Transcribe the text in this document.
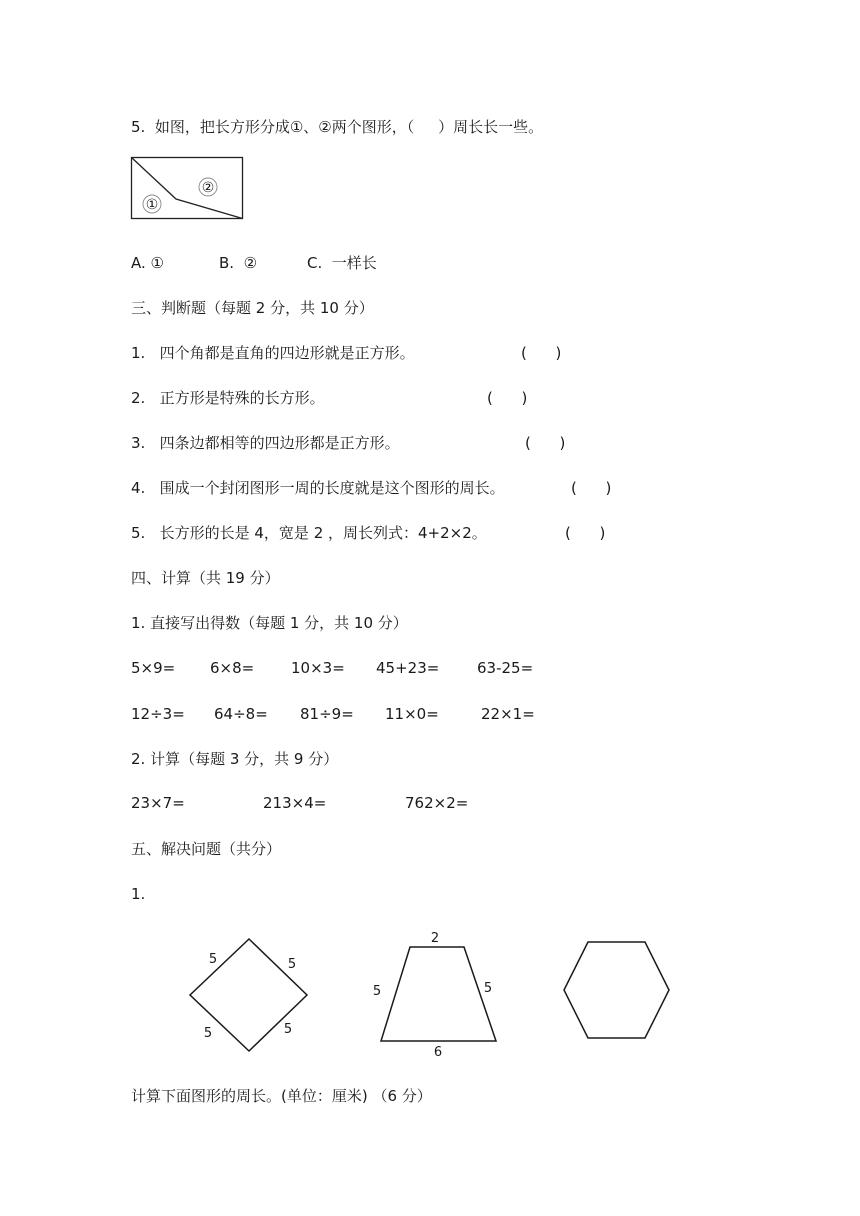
5.  如图，把长方形分成①、②两个图形，（     ）周长长一些。
①
②
A. ①	B.  ②	C.  一样长
三、判断题（每题 2 分，共 10 分）
1.   四个角都是直角的四边形就是正方形。	(      )
2.   正方形是特殊的长方形。	(      )
3.   四条边都相等的四边形都是正方形。	(      )
4.   围成一个封闭图形一周的长度就是这个图形的周长。	(      )
5.   长方形的长是 4，宽是 2 ，周长列式：4+2×2。	(      )
四、计算（共 19 分）
1. 直接写出得数（每题 1 分，共 10 分）
5×9= 6×8= 10×3= 45+23=	63-25=
12÷3= 64÷8= 81÷9= 11×0=	22×1=
2. 计算（每题 3 分，共 9 分）
23×7=	213×4=	762×2=
五、解决问题（共分）
1.
5	5
5	5
2
5	5
6
计算下面图形的周长。(单位：厘米) （6 分）
